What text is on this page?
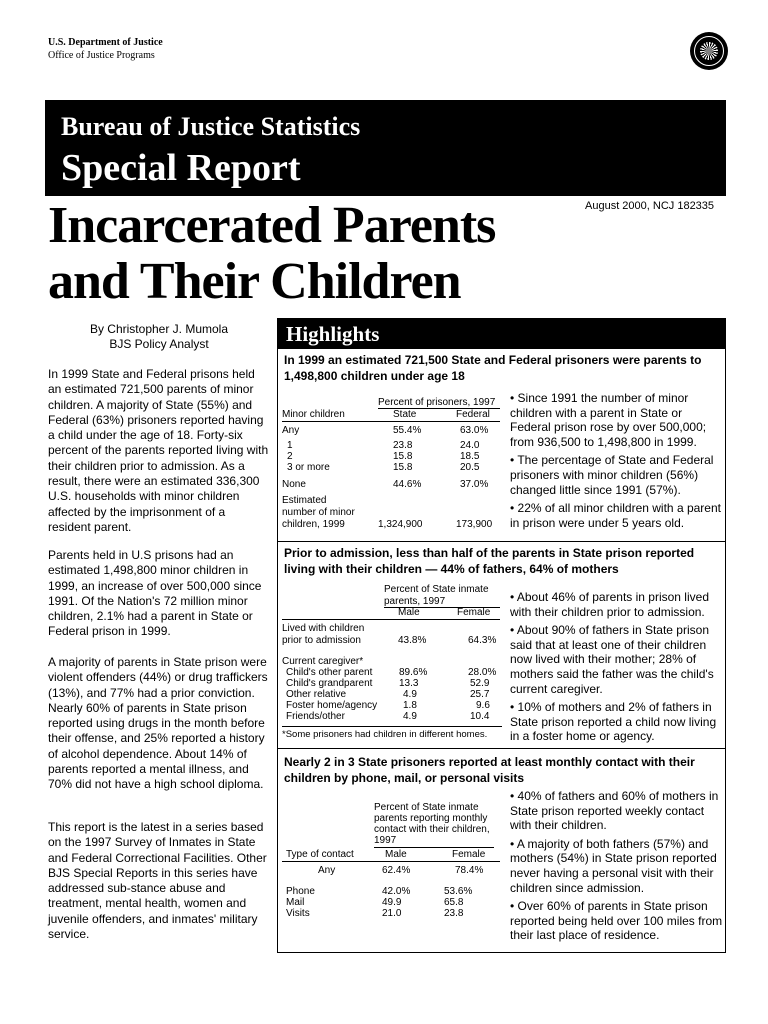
U.S. Department of Justice
Office of Justice Programs
Bureau of Justice Statistics
Special Report
August 2000, NCJ 182335
Incarcerated Parents
and Their Children
By Christopher J. Mumola
BJS Policy Analyst
In 1999 State and Federal prisons held an estimated 721,500 parents of minor children. A majority of State (55%) and Federal (63%) prisoners reported having a child under the age of 18. Forty-six percent of the parents reported living with their children prior to admission. As a result, there were an estimated 336,300 U.S. households with minor children affected by the imprisonment of a resident parent.
Parents held in U.S prisons had an estimated 1,498,800 minor children in 1999, an increase of over 500,000 since 1991. Of the Nation's 72 million minor children, 2.1% had a parent in State or Federal prison in 1999.
A majority of parents in State prison were violent offenders (44%) or drug traffickers (13%), and 77% had a prior conviction. Nearly 60% of parents in State prison reported using drugs in the month before their offense, and 25% reported a history of alcohol dependence. About 14% of parents reported a mental illness, and 70% did not have a high school diploma.
This report is the latest in a series based on the 1997 Survey of Inmates in State and Federal Correctional Facilities. Other BJS Special Reports in this series have addressed sub-stance abuse and treatment, mental health, women and juvenile offenders, and inmates' military service.
Highlights
In 1999 an estimated 721,500 State and Federal prisoners were parents to 1,498,800 children under age 18
Percent of prisoners, 1997
Minor children	State	Federal
Any	55.4%	63.0%
1	23.8	24.0
2	15.8	18.5
3 or more	15.8	20.5
None	44.6%	37.0%
Estimated
number of minor
children, 1999	1,324,900	173,900

• Since 1991 the number of minor children with a parent in State or Federal prison rose by over 500,000; from 936,500 to 1,498,800 in 1999.

• The percentage of State and Federal prisoners with minor children (56%) changed little since 1991 (57%).

• 22% of all minor children with a parent in prison were under 5 years old.

Prior to admission, less than half of the parents in State prison reported living with their children — 44% of fathers, 64% of mothers
Percent of State inmate
parents, 1997
Male	Female
Lived with children
prior to admission	43.8%	64.3%
Current caregiver*
Child's other parent	89.6%	28.0%
Child's grandparent	13.3	52.9
Other relative	4.9	25.7
Foster home/agency	1.8	9.6
Friends/other	4.9	10.4
*Some prisoners had children in different homes.

• About 46% of parents in prison lived with their children prior to admission.

• About 90% of fathers in State prison said that at least one of their children now lived with their mother; 28% of mothers said the father was the child's current caregiver.

• 10% of mothers and 2% of fathers in State prison reported a child now living in a foster home or agency.

Nearly 2 in 3 State prisoners reported at least monthly contact with their children by phone, mail, or personal visits
Percent of State inmate
parents reporting monthly
contact with their children,
1997
Type of contact	Male	Female
Any	62.4%	78.4%
Phone	42.0%	53.6%
Mail	49.9	65.8
Visits	21.0	23.8

• 40% of fathers and 60% of mothers in State prison reported weekly contact with their children.

• A majority of both fathers (57%) and mothers (54%) in State prison reported never having a personal visit with their children since admission.

• Over 60% of parents in State prison reported being held over 100 miles from their last place of residence.
